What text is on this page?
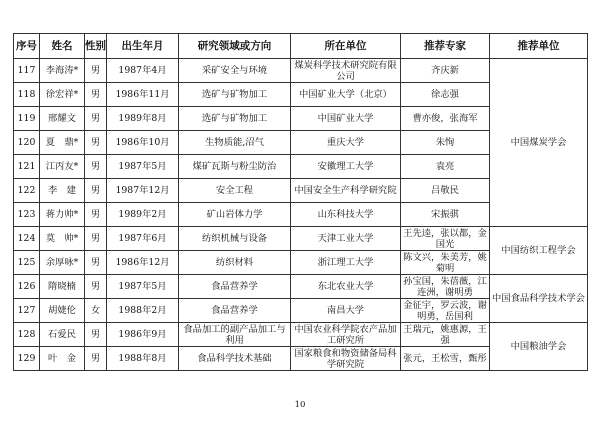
序号	姓名	性别	出生年月	研究领域或方向	所在单位	推荐专家	推荐单位
117	李海涛*	男	1987年4月	采矿安全与环境	煤炭科学技术研究院有限公司	齐庆新	中国煤炭学会
118	徐宏祥*	男	1986年11月	选矿与矿物加工	中国矿业大学（北京）	徐志强	
119	邢耀文	男	1989年8月	选矿与矿物加工	中国矿业大学	曹亦俊，张海军	
120	夏　鼎*	男	1986年10月	生物质能,沼气	重庆大学	朱恂	
121	江丙友*	男	1987年5月	煤矿瓦斯与粉尘防治	安徽理工大学	袁亮	
122	李　建	男	1987年12月	安全工程	中国安全生产科学研究院	吕敬民	
123	蒋力帅*	男	1989年2月	矿山岩体力学	山东科技大学	宋振骐	
124	莫　帅*	男	1987年6月	纺织机械与设备	天津工业大学	王先逵，张以都，金国光	中国纺织工程学会
125	余厚咏*	男	1986年12月	纺织材料	浙江理工大学	陈文兴，朱美芳，姚菊明	
126	隋晓楠	男	1987年5月	食品营养学	东北农业大学	孙宝国，朱蓓薇，江连洲，谢明勇	中国食品科学技术学会
127	胡婕伦	女	1988年2月	食品营养学	南昌大学	金征宇，罗云波，谢明勇，岳国利	
128	石爱民	男	1986年9月	食品加工的副产品加工与利用	中国农业科学院农产品加工研究所	王瑞元，姚惠源，王强	中国粮油学会
129	叶　金	男	1988年8月	食品科学技术基础	国家粮食和物资储备局科学研究院	张元，王松雪，甄彤	
10
